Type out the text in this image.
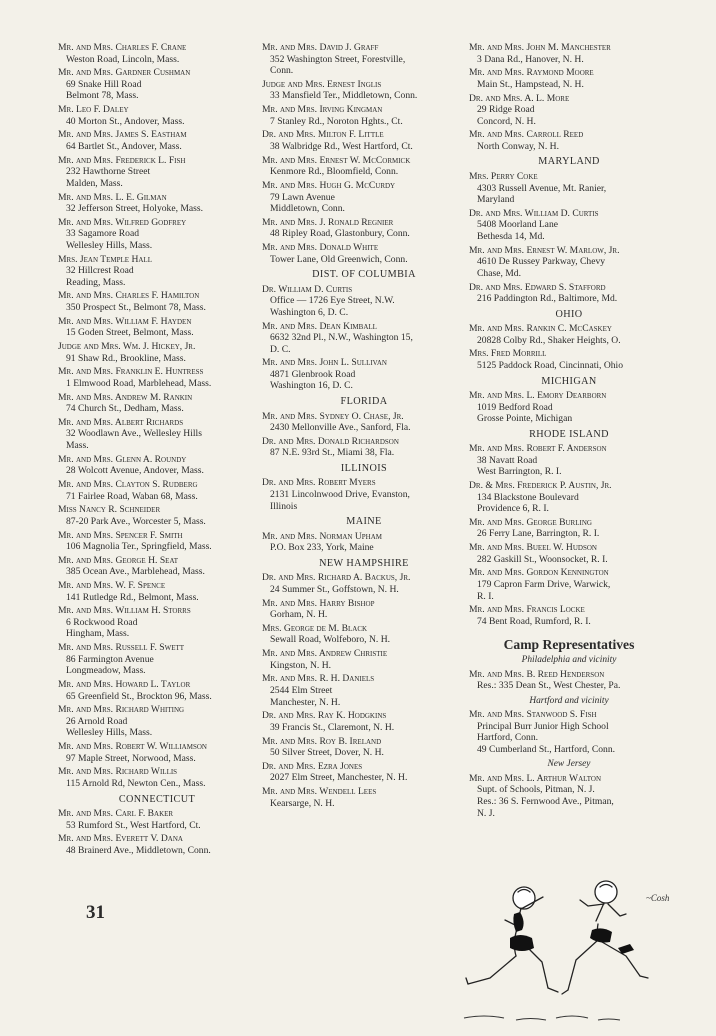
Mr. and Mrs. Charles F. Crane
Weston Road, Lincoln, Mass.
Mr. and Mrs. Gardner Cushman
69 Snake Hill Road
Belmont 78, Mass.
Mr. Leo F. Daley
40 Morton St., Andover, Mass.
Mr. and Mrs. James S. Eastham
64 Bartlet St., Andover, Mass.
Mr. and Mrs. Frederick L. Fish
232 Hawthorne Street
Malden, Mass.
Mr. and Mrs. L. E. Gilman
32 Jefferson Street, Holyoke, Mass.
Mr. and Mrs. Wilfred Godfrey
33 Sagamore Road
Wellesley Hills, Mass.
Mrs. Jean Temple Hall
32 Hillcrest Road
Reading, Mass.
Mr. and Mrs. Charles F. Hamilton
350 Prospect St., Belmont 78, Mass.
Mr. and Mrs. William F. Hayden
15 Goden Street, Belmont, Mass.
Judge and Mrs. Wm. J. Hickey, Jr.
91 Shaw Rd., Brookline, Mass.
Mr. and Mrs. Franklin E. Huntress
1 Elmwood Road, Marblehead, Mass.
Mr. and Mrs. Andrew M. Rankin
74 Church St., Dedham, Mass.
Mr. and Mrs. Albert Richards
32 Woodlawn Ave., Wellesley Hills
Mass.
Mr. and Mrs. Glenn A. Roundy
28 Wolcott Avenue, Andover, Mass.
Mr. and Mrs. Clayton S. Rudberg
71 Fairlee Road, Waban 68, Mass.
Miss Nancy R. Schneider
87-20 Park Ave., Worcester 5, Mass.
Mr. and Mrs. Spencer F. Smith
106 Magnolia Ter., Springfield, Mass.
Mr. and Mrs. George H. Seat
385 Ocean Ave., Marblehead, Mass.
Mr. and Mrs. W. F. Spence
141 Rutledge Rd., Belmont, Mass.
Mr. and Mrs. William H. Storrs
6 Rockwood Road
Hingham, Mass.
Mr. and Mrs. Russell F. Swett
86 Farmington Avenue
Longmeadow, Mass.
Mr. and Mrs. Howard L. Taylor
65 Greenfield St., Brockton 96, Mass.
Mr. and Mrs. Richard Whiting
26 Arnold Road
Wellesley Hills, Mass.
Mr. and Mrs. Robert W. Williamson
97 Maple Street, Norwood, Mass.
Mr. and Mrs. Richard Willis
115 Arnold Rd, Newton Cen., Mass.
CONNECTICUT
Mr. and Mrs. Carl F. Baker
53 Rumford St., West Hartford, Ct.
Mr. and Mrs. Everett V. Dana
48 Brainerd Ave., Middletown, Conn.
Mr. and Mrs. David J. Graff
352 Washington Street, Forestville,
Conn.
Judge and Mrs. Ernest Inglis
33 Mansfield Ter., Middletown, Conn.
Mr. and Mrs. Irving Kingman
7 Stanley Rd., Noroton Hghts., Ct.
Dr. and Mrs. Milton F. Little
38 Walbridge Rd., West Hartford, Ct.
Mr. and Mrs. Ernest W. McCormick
Kenmore Rd., Bloomfield, Conn.
Mr. and Mrs. Hugh G. McCurdy
79 Lawn Avenue
Middletown, Conn.
Mr. and Mrs. J. Ronald Regnier
48 Ripley Road, Glastonbury, Conn.
Mr. and Mrs. Donald White
Tower Lane, Old Greenwich, Conn.
DIST. OF COLUMBIA
Dr. William D. Curtis
Office — 1726 Eye Street, N.W.
Washington 6, D. C.
Mr. and Mrs. Dean Kimball
6632 32nd Pl., N.W., Washington 15,
D. C.
Mr. and Mrs. John L. Sullivan
4871 Glenbrook Road
Washington 16, D. C.
FLORIDA
Mr. and Mrs. Sydney O. Chase, Jr.
2430 Mellonville Ave., Sanford, Fla.
Dr. and Mrs. Donald Richardson
87 N.E. 93rd St., Miami 38, Fla.
ILLINOIS
Dr. and Mrs. Robert Myers
2131 Lincolnwood Drive, Evanston,
Illinois
MAINE
Mr. and Mrs. Norman Upham
P.O. Box 233, York, Maine
NEW HAMPSHIRE
Dr. and Mrs. Richard A. Backus, Jr.
24 Summer St., Goffstown, N. H.
Mr. and Mrs. Harry Bishop
Gorham, N. H.
Mrs. George de M. Black
Sewall Road, Wolfeboro, N. H.
Mr. and Mrs. Andrew Christie
Kingston, N. H.
Mr. and Mrs. R. H. Daniels
2544 Elm Street
Manchester, N. H.
Dr. and Mrs. Ray K. Hodgkins
39 Francis St., Claremont, N. H.
Mr. and Mrs. Roy B. Ireland
50 Silver Street, Dover, N. H.
Dr. and Mrs. Ezra Jones
2027 Elm Street, Manchester, N. H.
Mr. and Mrs. Wendell Lees
Kearsarge, N. H.
Mr. and Mrs. John M. Manchester
3 Dana Rd., Hanover, N. H.
Mr. and Mrs. Raymond Moore
Main St., Hampstead, N. H.
Dr. and Mrs. A. L. More
29 Ridge Road
Concord, N. H.
Mr. and Mrs. Carroll Reed
North Conway, N. H.
MARYLAND
Mrs. Perry Coke
4303 Russell Avenue, Mt. Ranier,
Maryland
Dr. and Mrs. William D. Curtis
5408 Moorland Lane
Bethesda 14, Md.
Mr. and Mrs. Ernest W. Marlow, Jr.
4610 De Russey Parkway, Chevy
Chase, Md.
Dr. and Mrs. Edward S. Stafford
216 Paddington Rd., Baltimore, Md.
OHIO
Mr. and Mrs. Rankin C. McCaskey
20828 Colby Rd., Shaker Heights, O.
Mrs. Fred Morrill
5125 Paddock Road, Cincinnati, Ohio
MICHIGAN
Mr. and Mrs. L. Emory Dearborn
1019 Bedford Road
Grosse Pointe, Michigan
RHODE ISLAND
Mr. and Mrs. Robert F. Anderson
38 Navatt Road
West Barrington, R. I.
Dr. & Mrs. Frederick P. Austin, Jr.
134 Blackstone Boulevard
Providence 6, R. I.
Mr. and Mrs. George Burling
26 Ferry Lane, Barrington, R. I.
Mr. and Mrs. Bueel W. Hudson
282 Gaskill St., Woonsocket, R. I.
Mr. and Mrs. Gordon Kennington
179 Capron Farm Drive, Warwick,
R. I.
Mr. and Mrs. Francis Locke
74 Bent Road, Rumford, R. I.
Camp Representatives
Philadelphia and vicinity
Mr. and Mrs. B. Reed Henderson
Res.: 335 Dean St., West Chester, Pa.
Hartford and vicinity
Mr. and Mrs. Stanwood S. Fish
Principal Burr Junior High School
Hartford, Conn.
49 Cumberland St., Hartford, Conn.
New Jersey
Mr. and Mrs. L. Arthur Walton
Supt. of Schools, Pitman, N. J.
Res.: 36 S. Fernwood Ave., Pitman,
N. J.
31
~Cosh
